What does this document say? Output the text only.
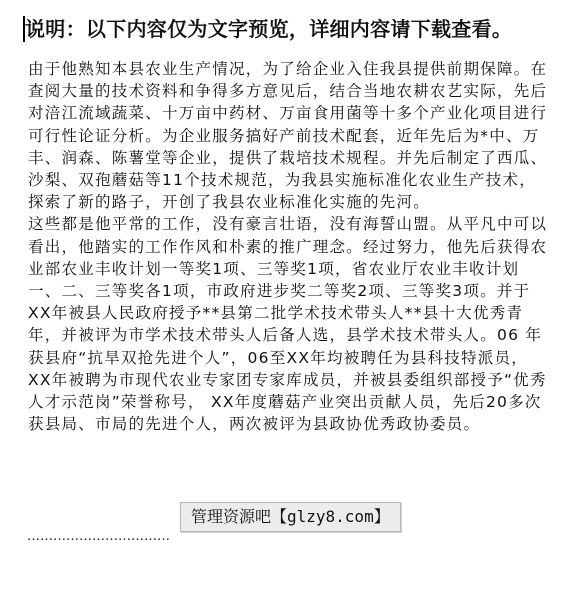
说明：以下内容仅为文字预览，详细内容请下载查看。

由于他熟知本县农业生产情况，为了给企业入住我县提供前期保障。在查阅大量的技术资料和争得多方意见后，结合当地农耕农艺实际，先后对涪江流域蔬菜、十万亩中药材、万亩食用菌等十多个产业化项目进行可行性论证分析。为企业服务搞好产前技术配套，近年先后为*中、万丰、润森、陈薯堂等企业，提供了栽培技术规程。并先后制定了西瓜、沙梨、双孢蘑菇等11个技术规范，为我县实施标准化农业生产技术，探索了新的路子，开创了我县农业标准化实施的先河。

这些都是他平常的工作，没有豪言壮语，没有海誓山盟。从平凡中可以看出，他踏实的工作作风和朴素的推广理念。经过努力，他先后获得农业部农业丰收计划一等奖1项、三等奖1项，省农业厅农业丰收计划一、二、三等奖各1项，市政府进步奖二等奖2项、三等奖3项。并于XX年被县人民政府授予**县第二批学术技术带头人**县十大优秀青年，并被评为市学术技术带头人后备人选，县学术技术带头人。06 年获县府“抗旱双抢先进个人”，06至XX年均被聘任为县科技特派员，XX年被聘为市现代农业专家团专家库成员，并被县委组织部授予“优秀人才示范岗”荣誉称号， XX年度蘑菇产业突出贡献人员，先后20多次获县局、市局的先进个人，两次被评为县政协优秀政协委员。

……………………………
管理资源吧【glzy8.com】
